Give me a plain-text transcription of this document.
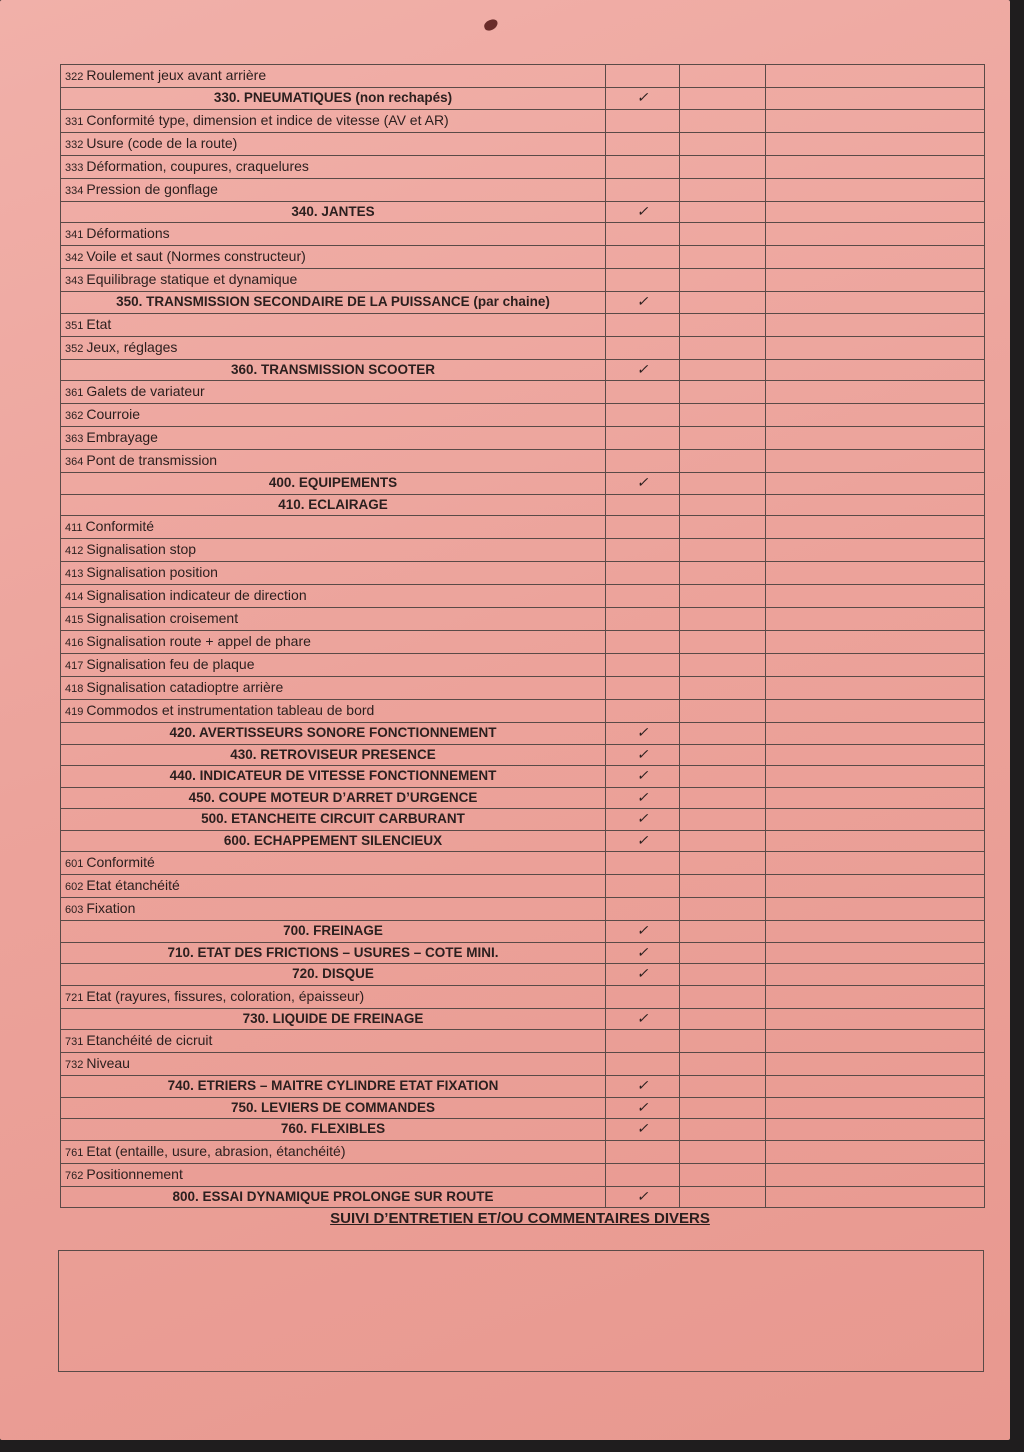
322 Roulement jeux avant arrière			
330. PNEUMATIQUES (non rechapés)	✓		
331 Conformité type, dimension et indice de vitesse (AV et AR)			
332 Usure (code de la route)			
333 Déformation, coupures, craquelures			
334 Pression de gonflage			
340. JANTES	✓		
341 Déformations			
342 Voile et saut (Normes constructeur)			
343 Equilibrage statique et dynamique			
350. TRANSMISSION SECONDAIRE DE LA PUISSANCE (par chaine)	✓		
351 Etat			
352 Jeux, réglages			
360. TRANSMISSION SCOOTER	✓		
361 Galets de variateur			
362 Courroie			
363 Embrayage			
364 Pont de transmission			
400. EQUIPEMENTS	✓		
410. ECLAIRAGE			
411 Conformité			
412 Signalisation stop			
413 Signalisation position			
414 Signalisation indicateur de direction			
415 Signalisation croisement			
416 Signalisation route + appel de phare			
417 Signalisation feu de plaque			
418 Signalisation catadioptre arrière			
419 Commodos et instrumentation tableau de bord			
420. AVERTISSEURS SONORE FONCTIONNEMENT	✓		
430. RETROVISEUR PRESENCE	✓		
440. INDICATEUR DE VITESSE FONCTIONNEMENT	✓		
450. COUPE MOTEUR D’ARRET D’URGENCE	✓		
500. ETANCHEITE CIRCUIT CARBURANT	✓		
600. ECHAPPEMENT SILENCIEUX	✓		
601 Conformité			
602 Etat étanchéité			
603 Fixation			
700. FREINAGE	✓		
710. ETAT DES FRICTIONS – USURES – COTE MINI.	✓		
720. DISQUE	✓		
721 Etat (rayures, fissures, coloration, épaisseur)			
730. LIQUIDE DE FREINAGE	✓		
731 Etanchéité de cicruit			
732 Niveau			
740. ETRIERS – MAITRE CYLINDRE ETAT FIXATION	✓		
750. LEVIERS DE COMMANDES	✓		
760. FLEXIBLES	✓		
761 Etat (entaille, usure, abrasion, étanchéité)			
762 Positionnement			
800. ESSAI DYNAMIQUE PROLONGE SUR ROUTE	✓		
SUIVI D’ENTRETIEN ET/OU COMMENTAIRES DIVERS
